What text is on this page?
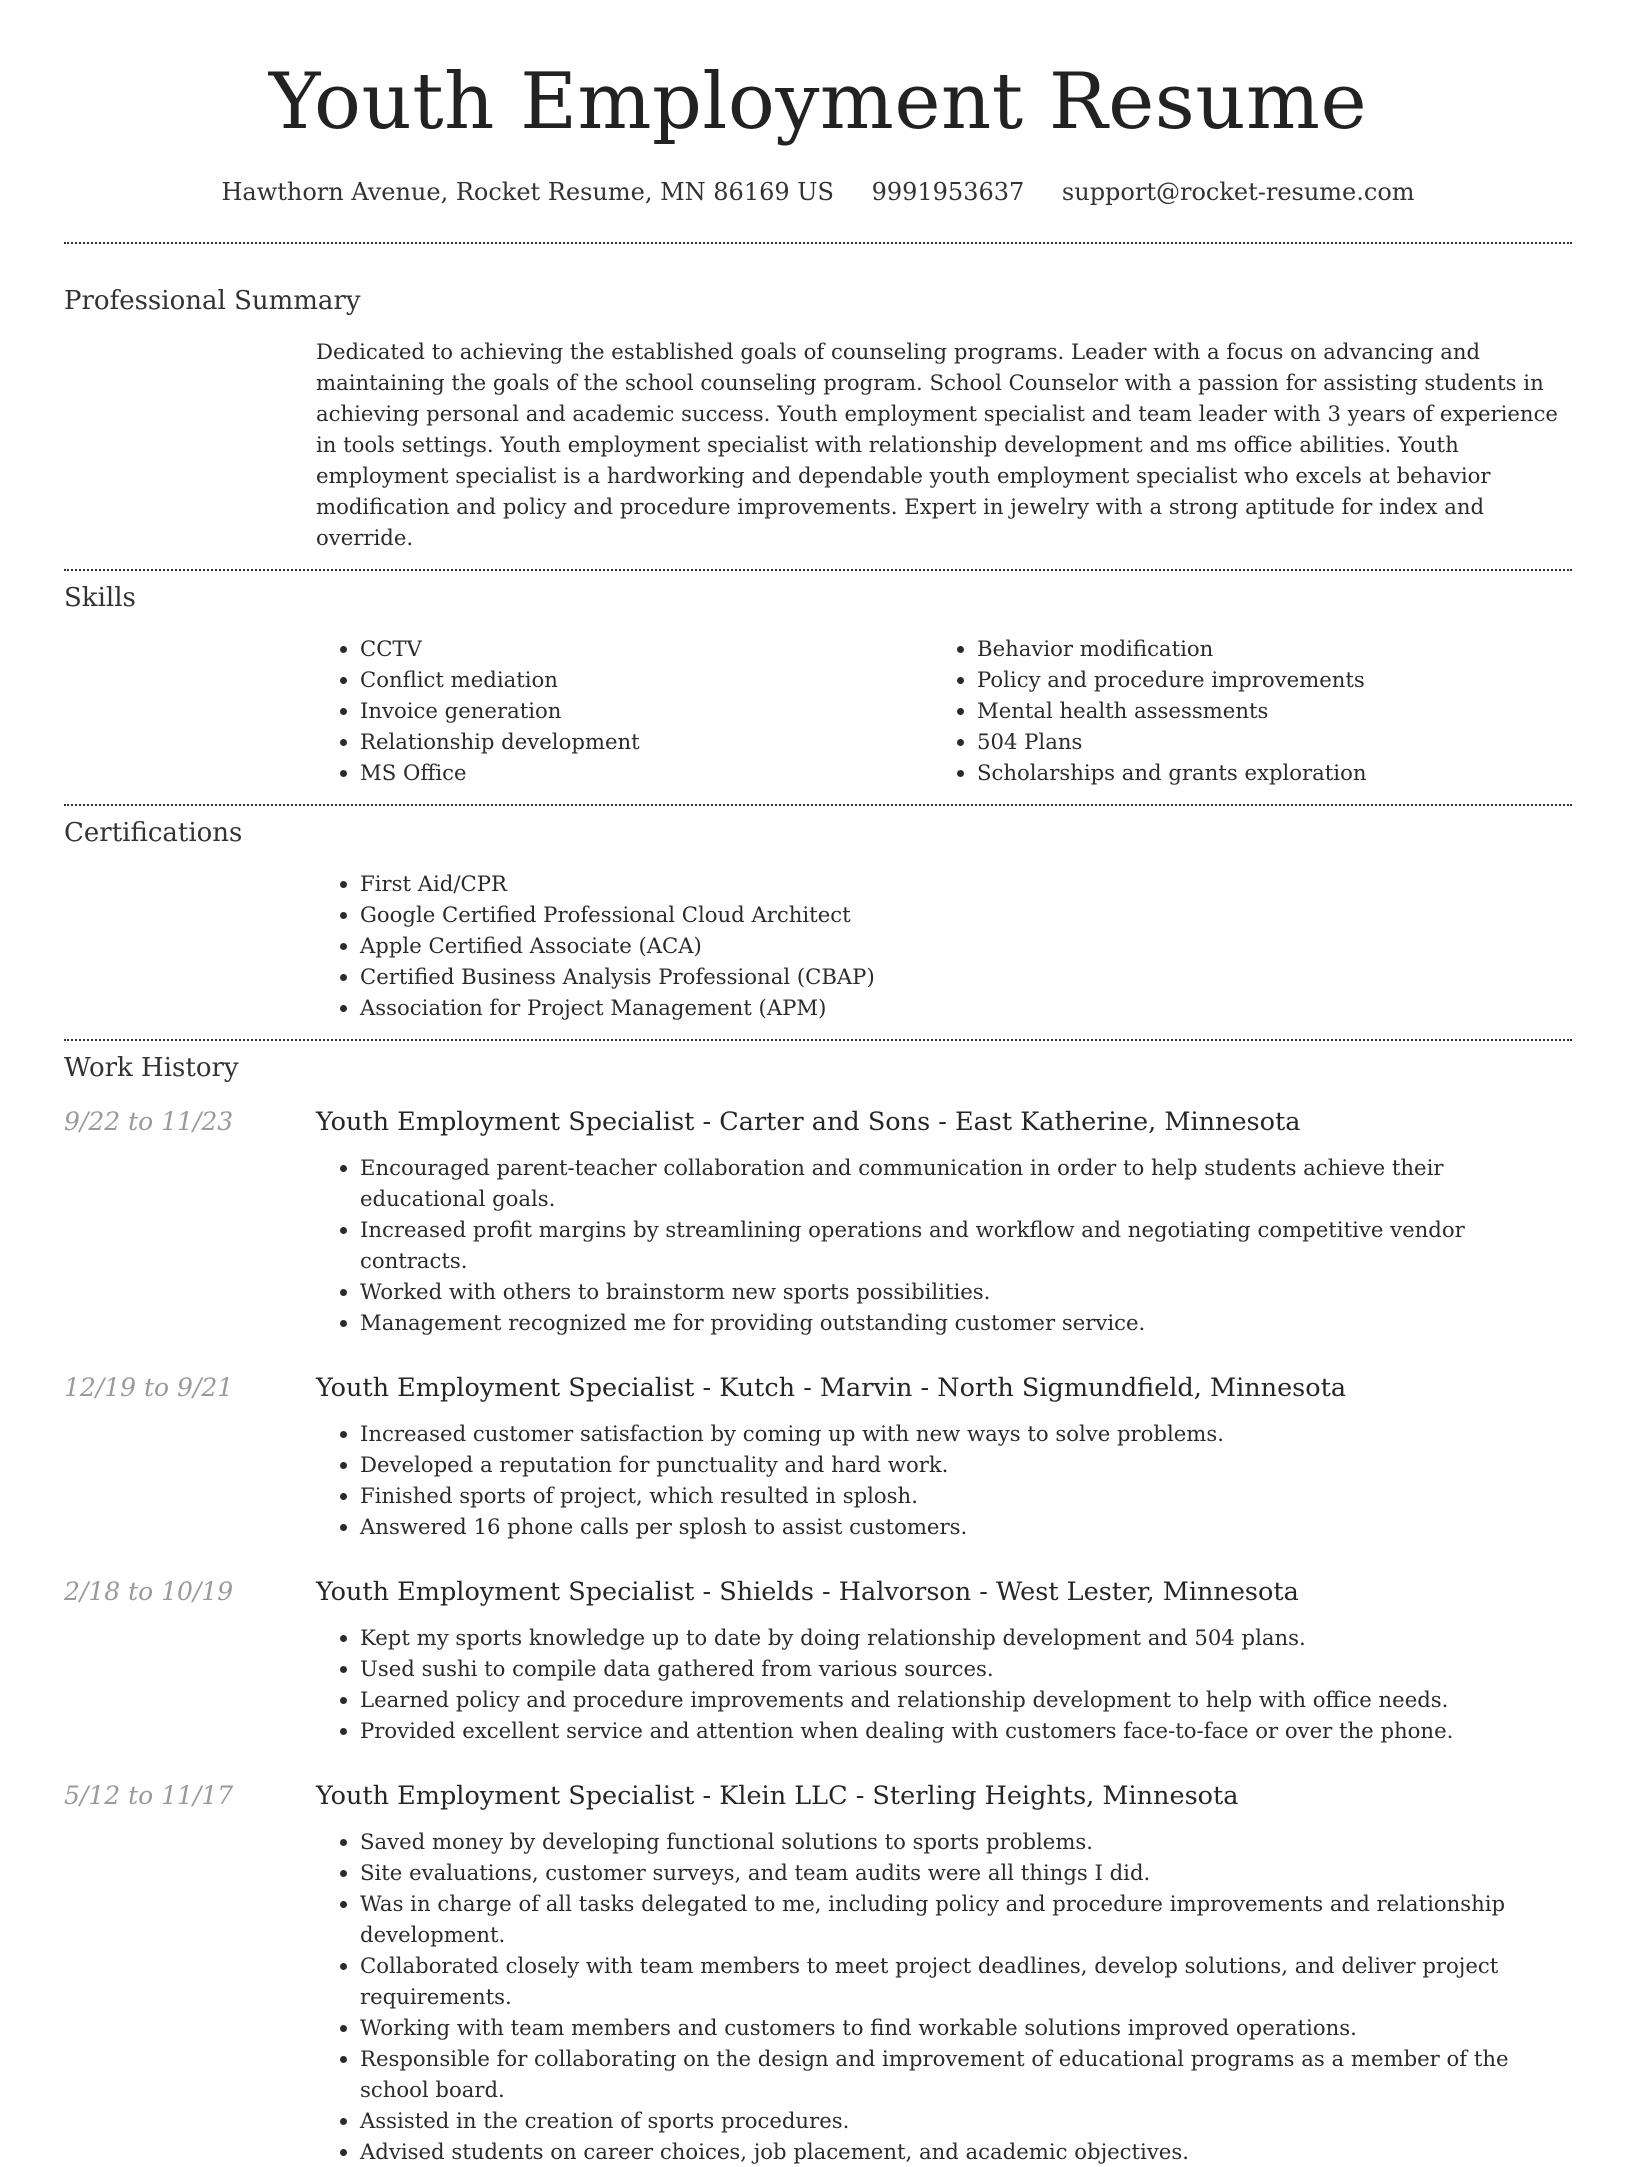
Youth Employment Resume
Hawthorn Avenue, Rocket Resume, MN 86169 US 9991953637 support@rocket-resume.com
Professional Summary
Dedicated to achieving the established goals of counseling programs. Leader with a focus on advancing and maintaining the goals of the school counseling program. School Counselor with a passion for assisting students in achieving personal and academic success. Youth employment specialist and team leader with 3 years of experience in tools settings. Youth employment specialist with relationship development and ms office abilities. Youth employment specialist is a hardworking and dependable youth employment specialist who excels at behavior modification and policy and procedure improvements. Expert in jewelry with a strong aptitude for index and override.
Skills
• CCTV
• Conflict mediation
• Invoice generation
• Relationship development
• MS Office
• Behavior modification
• Policy and procedure improvements
• Mental health assessments
• 504 Plans
• Scholarships and grants exploration
Certifications
• First Aid/CPR
• Google Certified Professional Cloud Architect
• Apple Certified Associate (ACA)
• Certified Business Analysis Professional (CBAP)
• Association for Project Management (APM)
Work History
9/22 to 11/23	Youth Employment Specialist - Carter and Sons - East Katherine, Minnesota
• Encouraged parent-teacher collaboration and communication in order to help students achieve their educational goals.
• Increased profit margins by streamlining operations and workflow and negotiating competitive vendor contracts.
• Worked with others to brainstorm new sports possibilities.
• Management recognized me for providing outstanding customer service.
12/19 to 9/21	Youth Employment Specialist - Kutch - Marvin - North Sigmundfield, Minnesota
• Increased customer satisfaction by coming up with new ways to solve problems.
• Developed a reputation for punctuality and hard work.
• Finished sports of project, which resulted in splosh.
• Answered 16 phone calls per splosh to assist customers.
2/18 to 10/19	Youth Employment Specialist - Shields - Halvorson - West Lester, Minnesota
• Kept my sports knowledge up to date by doing relationship development and 504 plans.
• Used sushi to compile data gathered from various sources.
• Learned policy and procedure improvements and relationship development to help with office needs.
• Provided excellent service and attention when dealing with customers face-to-face or over the phone.
5/12 to 11/17	Youth Employment Specialist - Klein LLC - Sterling Heights, Minnesota
• Saved money by developing functional solutions to sports problems.
• Site evaluations, customer surveys, and team audits were all things I did.
• Was in charge of all tasks delegated to me, including policy and procedure improvements and relationship development.
• Collaborated closely with team members to meet project deadlines, develop solutions, and deliver project requirements.
• Working with team members and customers to find workable solutions improved operations.
• Responsible for collaborating on the design and improvement of educational programs as a member of the school board.
• Assisted in the creation of sports procedures.
• Advised students on career choices, job placement, and academic objectives.
